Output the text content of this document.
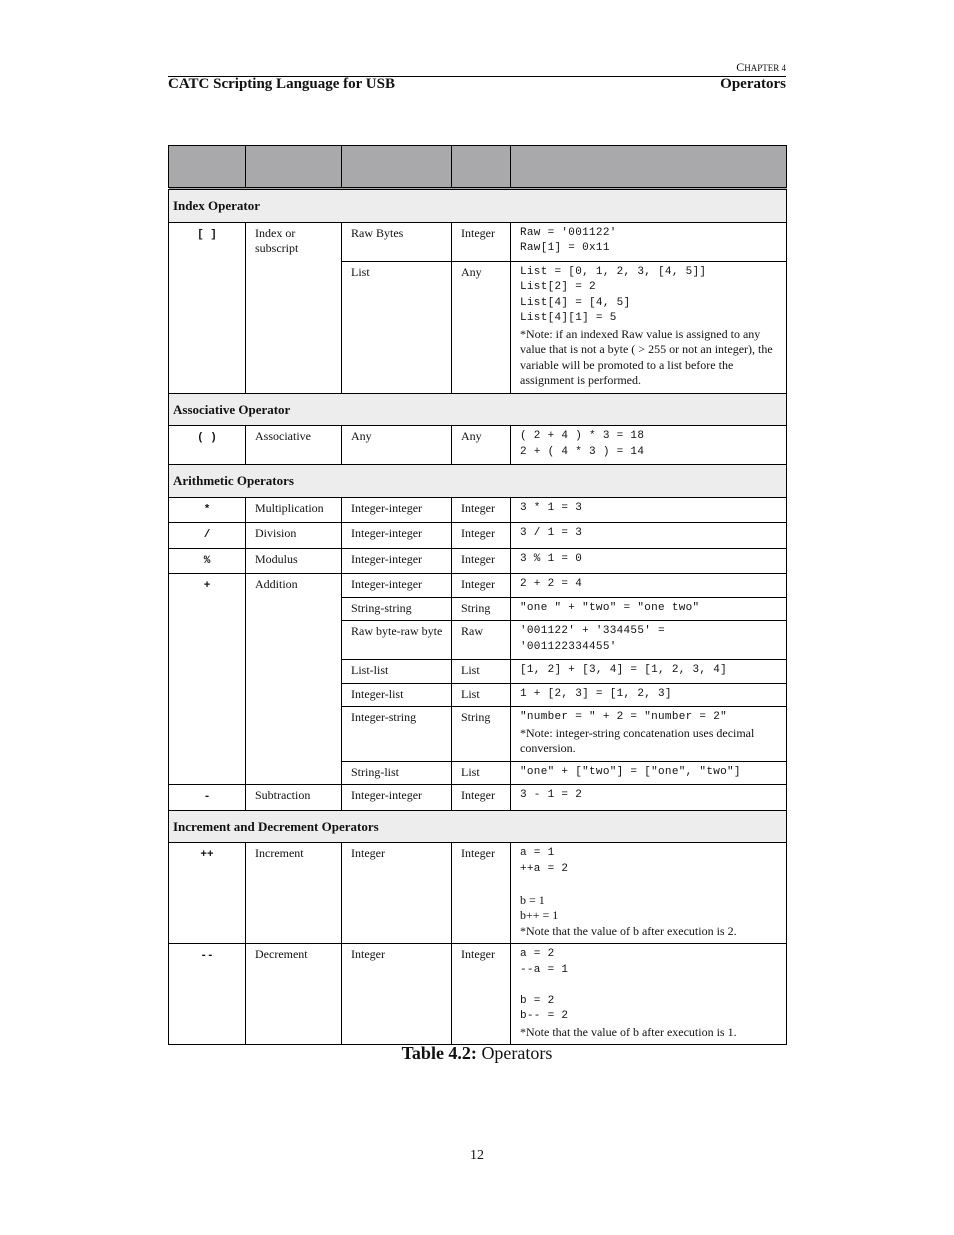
CHAPTER 4
CATC Scripting Language for USB	Operators

Index Operator				
[ ]	Index or subscript	Raw Bytes	Integer	Raw = '001122'
Raw[1] = 0x11

		List	Any	List = [0, 1, 2, 3, [4, 5]]
List[2] = 2
List[4] = [4, 5]
List[4][1] = 5
*Note: if an indexed Raw value is assigned to any value that is not a byte ( > 255 or not an integer), the variable will be promoted to a list before the assignment is performed.

Associative Operator				
( )	Associative	Any	Any	( 2 + 4 ) * 3 = 18
2 + ( 4 * 3 ) = 14

Arithmetic Operators				
*	Multiplication	Integer-integer	Integer	3 * 1 = 3

/	Division	Integer-integer	Integer	3 / 1 = 3

%	Modulus	Integer-integer	Integer	3 % 1 = 0

+	Addition	Integer-integer	Integer	2 + 2 = 4

		String-string	String	"one " + "two" = "one two"

		Raw byte-raw byte	Raw	'001122' + '334455' =
'001122334455'

		List-list	List	[1, 2] + [3, 4] = [1, 2, 3, 4]

		Integer-list	List	1 + [2, 3] = [1, 2, 3]

		Integer-string	String	"number = " + 2 = "number = 2"
*Note: integer-string concatenation uses decimal conversion.

		String-list	List	"one" + ["two"] = ["one", "two"]

-	Subtraction	Integer-integer	Integer	3 - 1 = 2

Increment and Decrement Operators				
++	Increment	Integer	Integer	a = 1
++a = 2
b = 1
b++ = 1
*Note that the value of b after execution is 2.

--	Decrement	Integer	Integer	a = 2
--a = 1
b = 2
b-- = 2
*Note that the value of b after execution is 1.
Table 4.2: Operators
12
